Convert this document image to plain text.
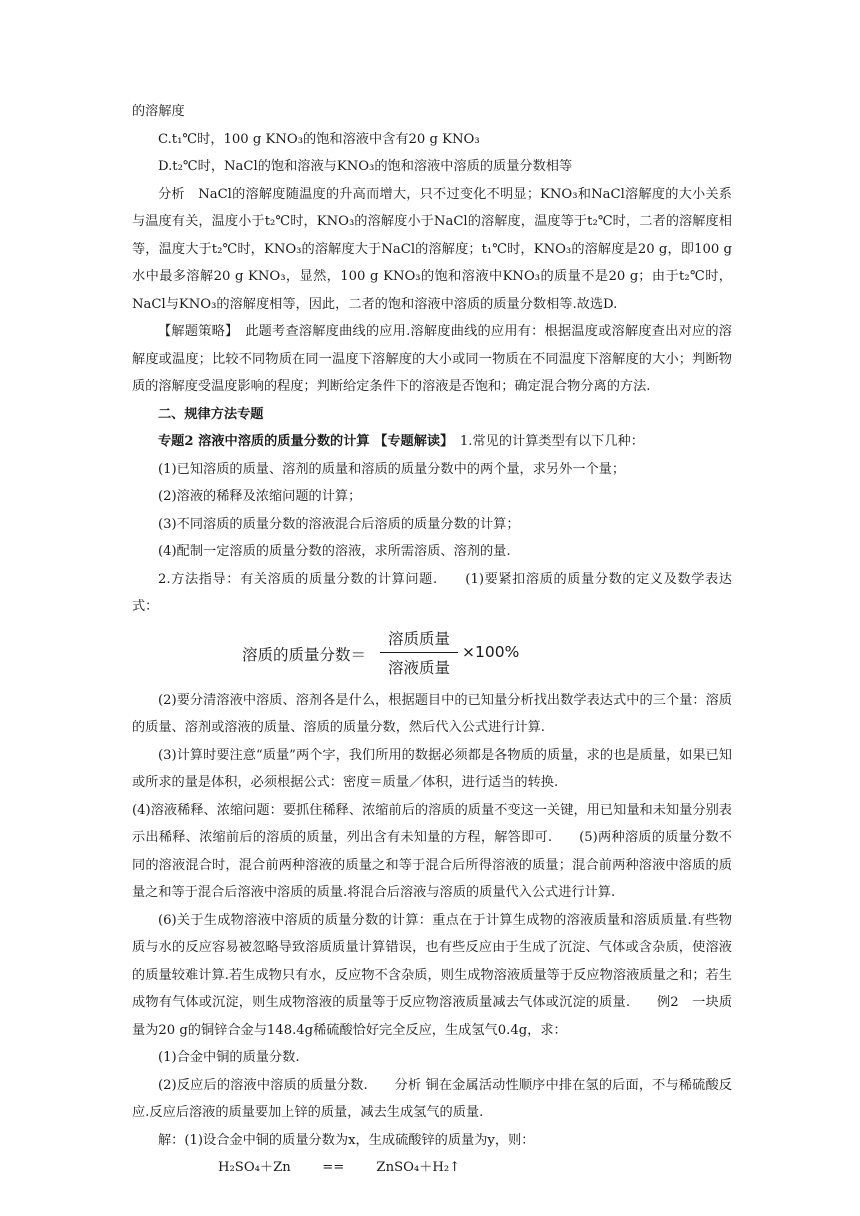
的溶解度

C.t₁℃时，100 g KNO₃的饱和溶液中含有20 g KNO₃

D.t₂℃时，NaCl的饱和溶液与KNO₃的饱和溶液中溶质的质量分数相等

分析　NaCl的溶解度随温度的升高而增大，只不过变化不明显；KNO₃和NaCl溶解度的大小关系与温度有关，温度小于t₂℃时，KNO₃的溶解度小于NaCl的溶解度，温度等于t₂℃时，二者的溶解度相等，温度大于t₂℃时，KNO₃的溶解度大于NaCl的溶解度；t₁℃时，KNO₃的溶解度是20 g，即100 g水中最多溶解20 g KNO₃，显然，100 g KNO₃的饱和溶液中KNO₃的质量不是20 g；由于t₂℃时，NaCl与KNO₃的溶解度相等，因此，二者的饱和溶液中溶质的质量分数相等.故选D.

【解题策略】　此题考查溶解度曲线的应用.溶解度曲线的应用有：根据温度或溶解度查出对应的溶解度或温度；比较不同物质在同一温度下溶解度的大小或同一物质在不同温度下溶解度的大小；判断物质的溶解度受温度影响的程度；判断给定条件下的溶液是否饱和；确定混合物分离的方法.

二、规律方法专题

专题2 溶液中溶质的质量分数的计算 【专题解读】　1.常见的计算类型有以下几种：

(1)已知溶质的质量、溶剂的质量和溶质的质量分数中的两个量，求另外一个量；

(2)溶液的稀释及浓缩问题的计算；

(3)不同溶质的质量分数的溶液混合后溶质的质量分数的计算；

(4)配制一定溶质的质量分数的溶液，求所需溶质、溶剂的量.

2.方法指导：有关溶质的质量分数的计算问题.　　(1)要紧扣溶质的质量分数的定义及数学表达式：

溶质的质量分数＝
溶质质量
溶液质量
×100%

(2)要分清溶液中溶质、溶剂各是什么，根据题目中的已知量分析找出数学表达式中的三个量：溶质的质量、溶剂或溶液的质量、溶质的质量分数，然后代入公式进行计算.

(3)计算时要注意“质量”两个字，我们所用的数据必须都是各物质的质量，求的也是质量，如果已知或所求的量是体积，必须根据公式：密度＝质量／体积，进行适当的转换.

(4)溶液稀释、浓缩问题：要抓住稀释、浓缩前后的溶质的质量不变这一关键，用已知量和未知量分别表示出稀释、浓缩前后的溶质的质量，列出含有未知量的方程，解答即可.　　(5)两种溶质的质量分数不同的溶液混合时，混合前两种溶液的质量之和等于混合后所得溶液的质量；混合前两种溶液中溶质的质量之和等于混合后溶液中溶质的质量.将混合后溶液与溶质的质量代入公式进行计算.

(6)关于生成物溶液中溶质的质量分数的计算：重点在于计算生成物的溶液质量和溶质质量.有些物质与水的反应容易被忽略导致溶质质量计算错误，也有些反应由于生成了沉淀、气体或含杂质，使溶液的质量较难计算.若生成物只有水，反应物不含杂质，则生成物溶液质量等于反应物溶液质量之和；若生成物有气体或沉淀，则生成物溶液的质量等于反应物溶液质量减去气体或沉淀的质量.　　例2　一块质量为20 g的铜锌合金与148.4g稀硫酸恰好完全反应，生成氢气0.4g，求：

(1)合金中铜的质量分数.

(2)反应后的溶液中溶质的质量分数.　　分析 铜在金属活动性顺序中排在氢的后面，不与稀硫酸反应.反应后溶液的质量要加上锌的质量，减去生成氢气的质量.

解：(1)设合金中铜的质量分数为x，生成硫酸锌的质量为y，则：

H₂SO₄＋Zn == ZnSO₄＋H₂↑
